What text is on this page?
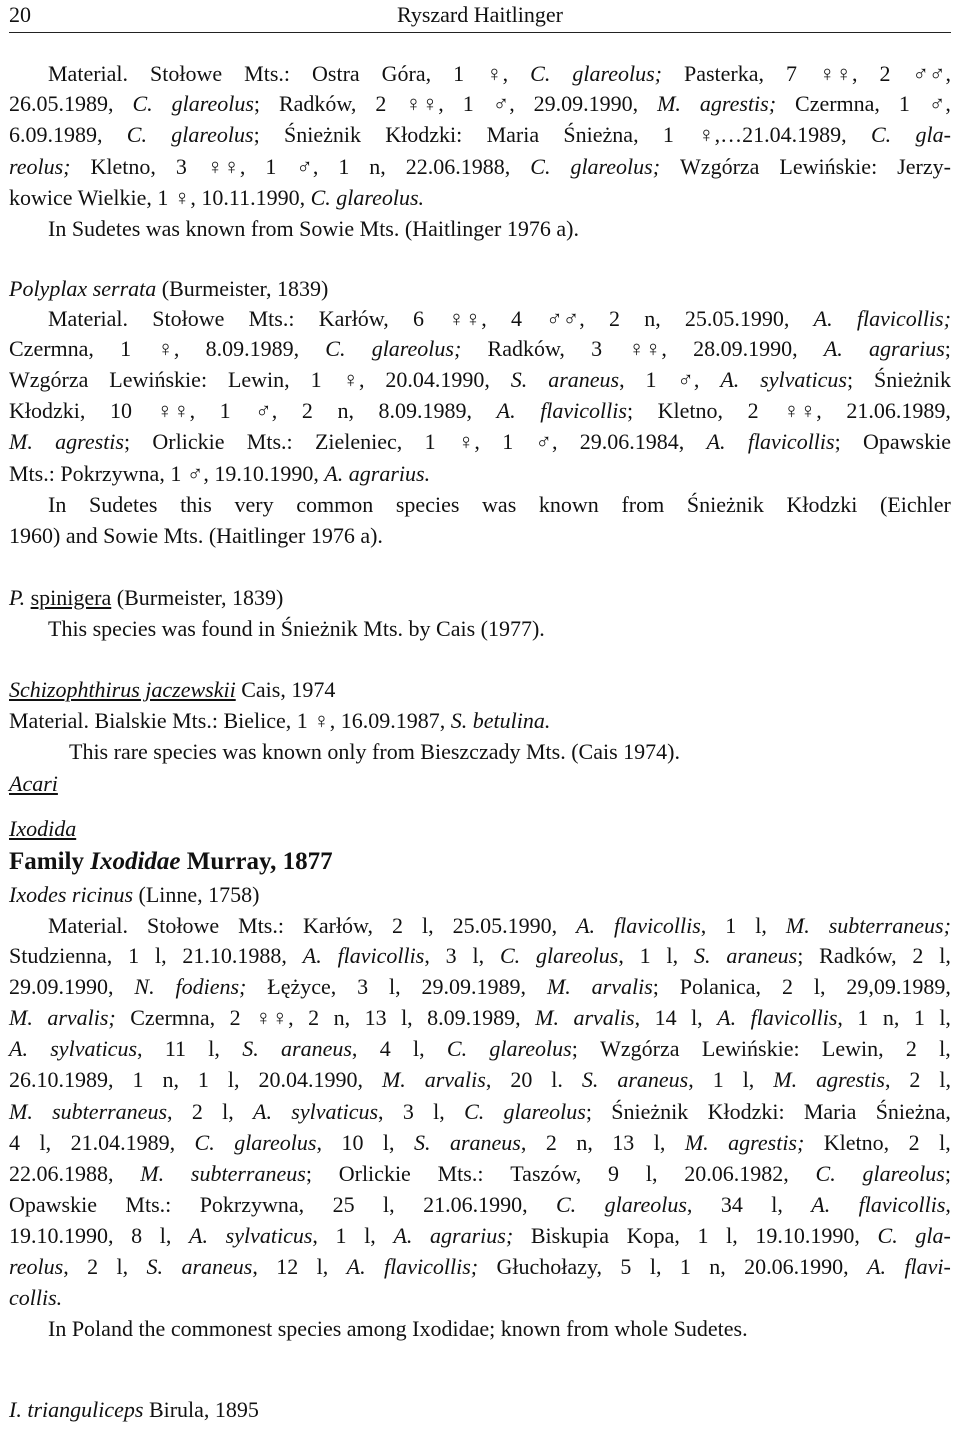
20	Ryszard Haitlinger
Material. Stołowe Mts.: Ostra Góra, 1 ♀, C. glareolus; Pasterka, 7 ♀♀, 2 ♂♂,
26.05.1989, C. glareolus; Radków, 2 ♀♀, 1 ♂, 29.09.1990, M. agrestis; Czermna, 1 ♂,
6.09.1989, C. glareolus; Śnieżnik Kłodzki: Maria Śnieżna, 1 ♀,…21.04.1989, C. gla-
reolus; Kletno, 3 ♀♀, 1 ♂, 1 n, 22.06.1988, C. glareolus; Wzgórza Lewińskie: Jerzy-
kowice Wielkie, 1 ♀, 10.11.1990, C. glareolus.
In Sudetes was known from Sowie Mts. (Haitlinger 1976 a).
Polyplax serrata (Burmeister, 1839)
Material. Stołowe Mts.: Karłów, 6 ♀♀, 4 ♂♂, 2 n, 25.05.1990, A. flavicollis;
Czermna, 1 ♀, 8.09.1989, C. glareolus; Radków, 3 ♀♀, 28.09.1990, A. agrarius;
Wzgórza Lewińskie: Lewin, 1 ♀, 20.04.1990, S. araneus, 1 ♂, A. sylvaticus; Śnieżnik
Kłodzki, 10 ♀♀, 1 ♂, 2 n, 8.09.1989, A. flavicollis; Kletno, 2 ♀♀, 21.06.1989,
M. agrestis; Orlickie Mts.: Zieleniec, 1 ♀, 1 ♂, 29.06.1984, A. flavicollis; Opawskie
Mts.: Pokrzywna, 1 ♂, 19.10.1990, A. agrarius.
In Sudetes this very common species was known from Śnieżnik Kłodzki (Eichler
1960) and Sowie Mts. (Haitlinger 1976 a).
P. spinigera (Burmeister, 1839)
This species was found in Śnieżnik Mts. by Cais (1977).
Schizophthirus jaczewskii Cais, 1974
Material. Bialskie Mts.: Bielice, 1 ♀, 16.09.1987, S. betulina.
This rare species was known only from Bieszczady Mts. (Cais 1974).
Acari
Ixodida
Family Ixodidae Murray, 1877
Ixodes ricinus (Linne, 1758)
Material. Stołowe Mts.: Karłów, 2 l, 25.05.1990, A. flavicollis, 1 l, M. subterraneus;
Studzienna, 1 l, 21.10.1988, A. flavicollis, 3 l, C. glareolus, 1 l, S. araneus; Radków, 2 l,
29.09.1990, N. fodiens; Łężyce, 3 l, 29.09.1989, M. arvalis; Polanica, 2 l, 29,09.1989,
M. arvalis; Czermna, 2 ♀♀, 2 n, 13 l, 8.09.1989, M. arvalis, 14 l, A. flavicollis, 1 n, 1 l,
A. sylvaticus, 11 l, S. araneus, 4 l, C. glareolus; Wzgórza Lewińskie: Lewin, 2 l,
26.10.1989, 1 n, 1 l, 20.04.1990, M. arvalis, 20 l. S. araneus, 1 l, M. agrestis, 2 l,
M. subterraneus, 2 l, A. sylvaticus, 3 l, C. glareolus; Śnieżnik Kłodzki: Maria Śnieżna,
4 l, 21.04.1989, C. glareolus, 10 l, S. araneus, 2 n, 13 l, M. agrestis; Kletno, 2 l,
22.06.1988, M. subterraneus; Orlickie Mts.: Taszów, 9 l, 20.06.1982, C. glareolus;
Opawskie Mts.: Pokrzywna, 25 l, 21.06.1990, C. glareolus, 34 l, A. flavicollis,
19.10.1990, 8 l, A. sylvaticus, 1 l, A. agrarius; Biskupia Kopa, 1 l, 19.10.1990, C. gla-
reolus, 2 l, S. araneus, 12 l, A. flavicollis; Głuchołazy, 5 l, 1 n, 20.06.1990, A. flavi-
collis.
In Poland the commonest species among Ixodidae; known from whole Sudetes.
I. trianguliceps Birula, 1895
